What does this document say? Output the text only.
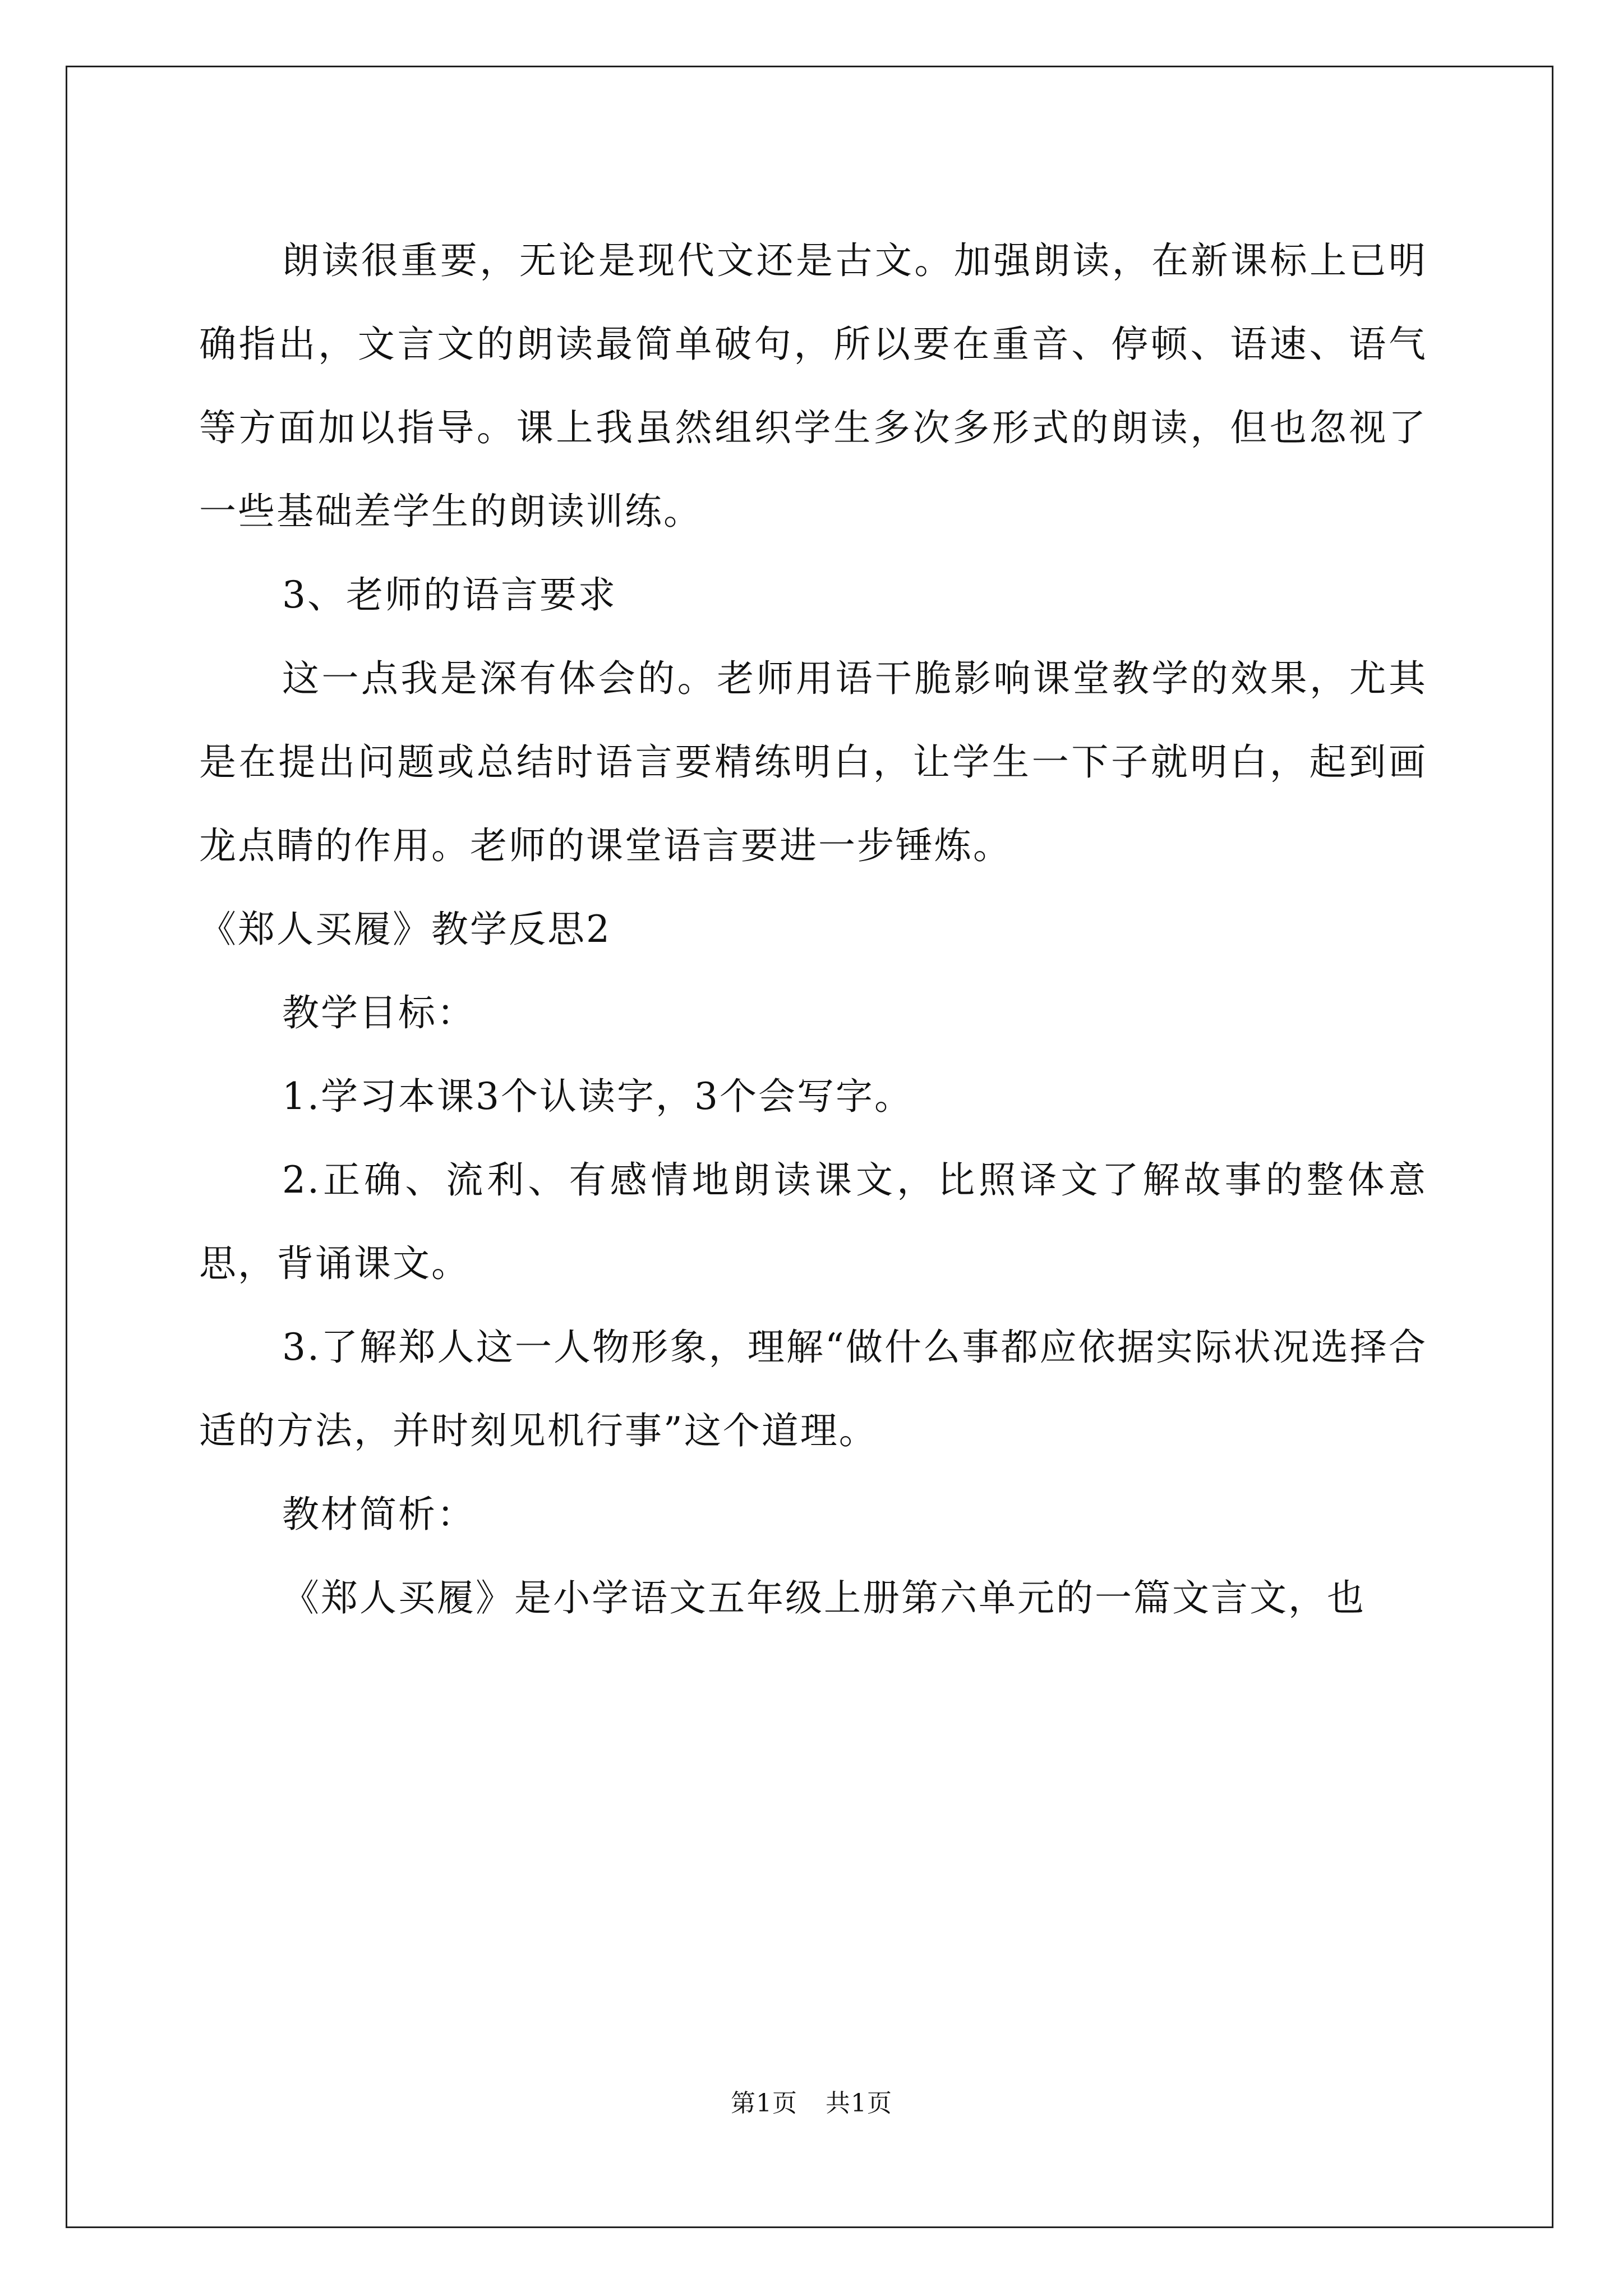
朗读很重要，无论是现代文还是古文。加强朗读，在新课标上已明确指出，文言文的朗读最简单破句，所以要在重音、停顿、语速、语气等方面加以指导。课上我虽然组织学生多次多形式的朗读，但也忽视了一些基础差学生的朗读训练。

3、老师的语言要求

这一点我是深有体会的。老师用语干脆影响课堂教学的效果，尤其是在提出问题或总结时语言要精练明白，让学生一下子就明白，起到画龙点睛的作用。老师的课堂语言要进一步锤炼。

《郑人买履》教学反思2

教学目标：

1.学习本课3个认读字，3个会写字。

2.正确、流利、有感情地朗读课文，比照译文了解故事的整体意思，背诵课文。

3.了解郑人这一人物形象，理解“做什么事都应依据实际状况选择合适的方法，并时刻见机行事”这个道理。

教材简析：

《郑人买履》是小学语文五年级上册第六单元的一篇文言文，也

第1页 共1页
